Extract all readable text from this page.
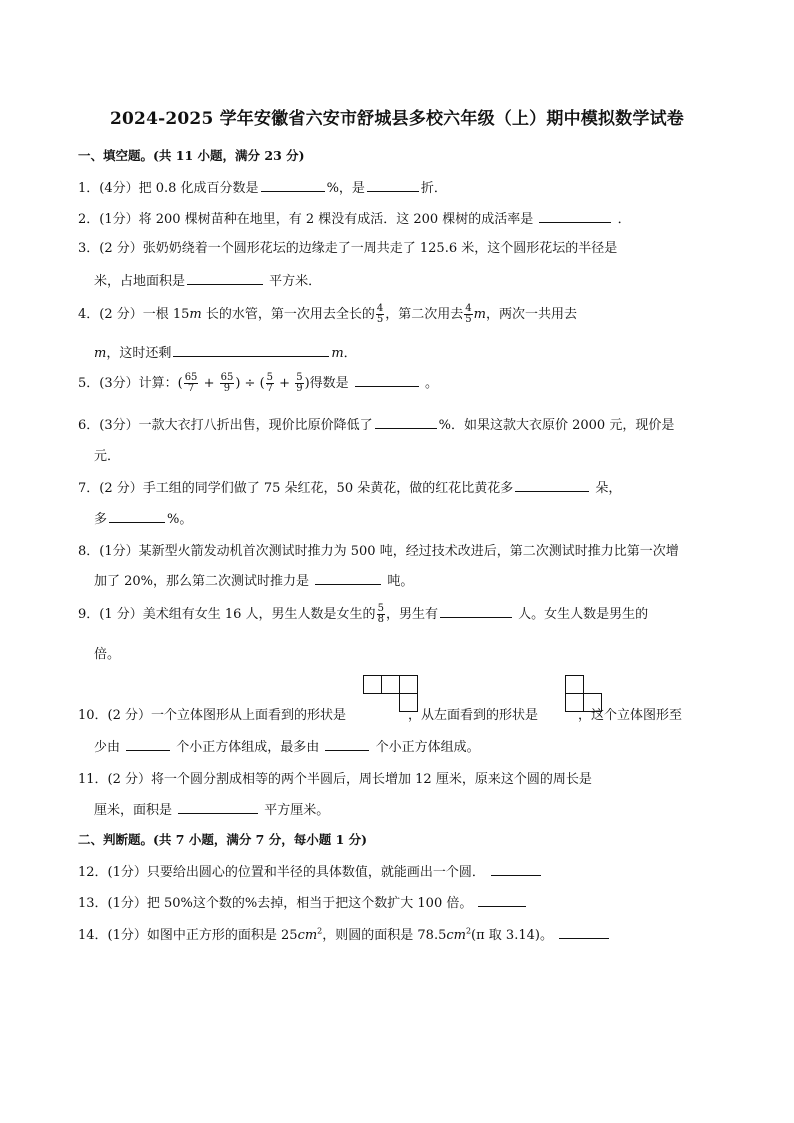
2024-2025 学年安徽省六安市舒城县多校六年级（上）期中模拟数学试卷
一、填空题。(共 11 小题，满分 23 分)
1．(4分）把 0.8 化成百分数是	%，是	折．
2．(1分）将 200 棵树苗种在地里，有 2 棵没有成活．这 200 棵树的成活率是	．
3．(2 分）张奶奶绕着一个圆形花坛的边缘走了一周共走了 125.6 米，这个圆形花坛的半径是
米，占地面积是	平方米．
4．(2 分）一根 15m 长的水管，第一次用去全长的 $\frac{4}{5}$ ，第二次用去 $\frac{4}{5}$ m，两次一共用去
m，这时还剩	m．
5．(3分）计算：( $\frac{65}{7} + \frac{65}{9}$ ) ÷ ( $\frac{5}{7} + \frac{5}{9}$ )得数是	。
6．(3分）一款大衣打八折出售，现价比原价降低了	%．如果这款大衣原价 2000 元，现价是
元．
7．(2 分）手工组的同学们做了 75 朵红花，50 朵黄花，做的红花比黄花多	朵，
多	%。
8．(1分）某新型火箭发动机首次测试时推力为 500 吨，经过技术改进后，第二次测试时推力比第一次增
加了 20%，那么第二次测试时推力是	吨。
9．(1 分）美术组有女生 16 人，男生人数是女生的 $\frac{5}{8}$ ，男生有	人。女生人数是男生的
倍。
10．(2 分）一个立体图形从上面看到的形状是	，从左面看到的形状是	，这个立体图形至
少由	个小正方体组成，最多由	个小正方体组成。
11．(2 分）将一个圆分割成相等的两个半圆后，周长增加 12 厘米，原来这个圆的周长是
厘米，面积是	平方厘米。
二、判断题。(共 7 小题，满分 7 分，每小题 1 分)
12．(1分）只要给出圆心的位置和半径的具体数值，就能画出一个圆．
13．(1分）把 50%这个数的%去掉，相当于把这个数扩大 100 倍。
14．(1分）如图中正方形的面积是 $25cm^2$，则圆的面积是 $78.5cm^2(\pi$ 取 3.14)。
